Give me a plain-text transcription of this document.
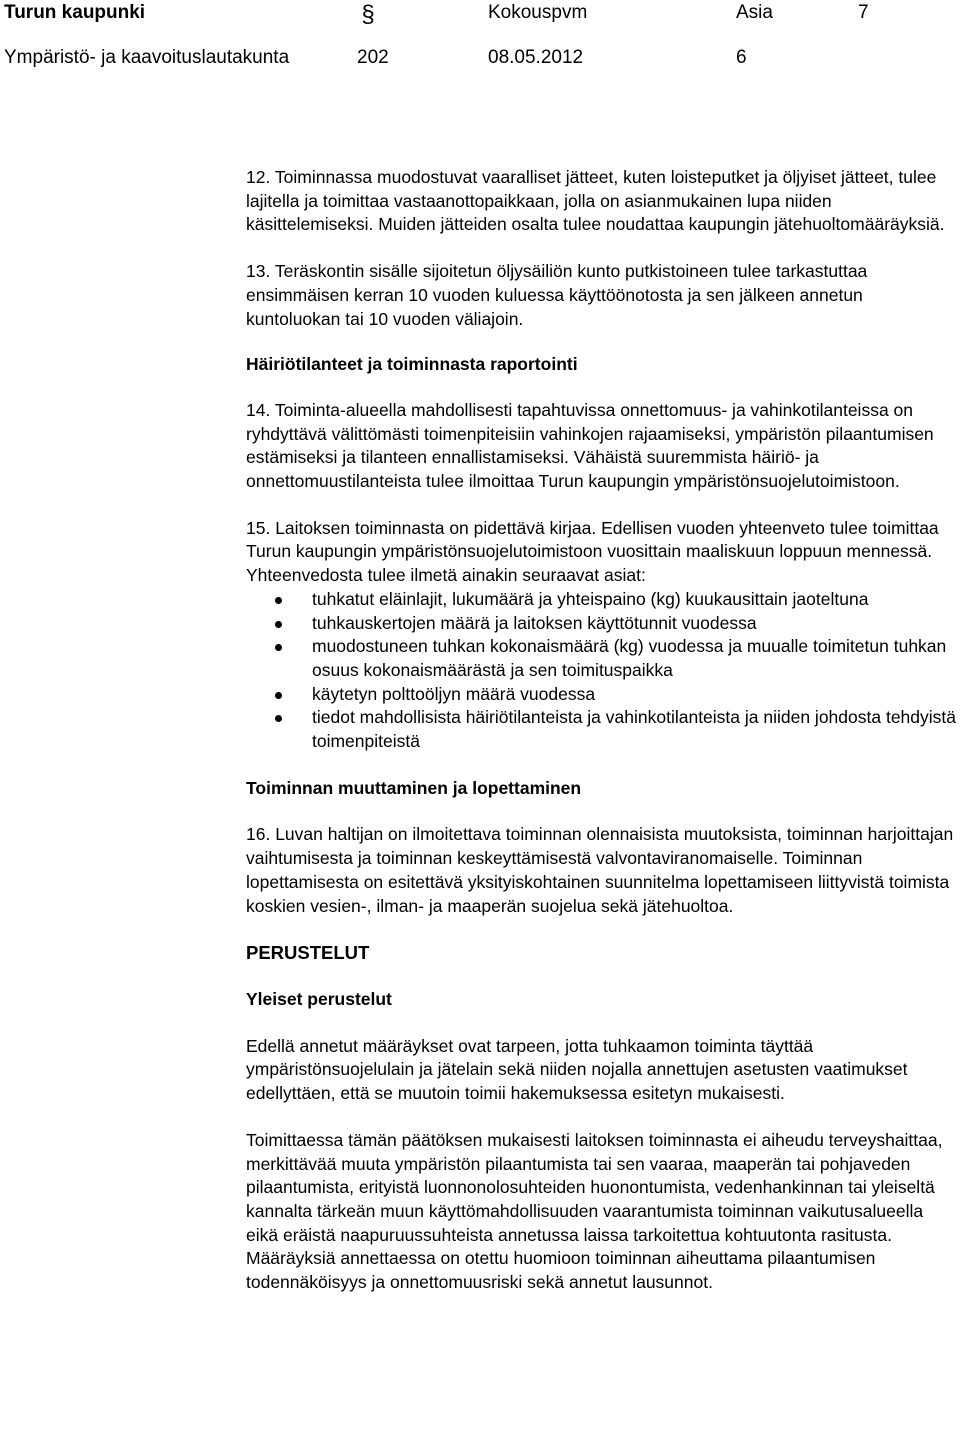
Turun kaupunki	§	Kokouspvm	Asia	7
Ympäristö- ja kaavoituslautakunta	202	08.05.2012	6

12. Toiminnassa muodostuvat vaaralliset jätteet, kuten loisteputket ja öljyiset jätteet, tulee lajitella ja toimittaa vastaanottopaikkaan, jolla on asianmukainen lupa niiden käsittelemiseksi. Muiden jätteiden osalta tulee noudattaa kaupungin jätehuoltomääräyksiä.

13. Teräskontin sisälle sijoitetun öljysäiliön kunto putkistoineen tulee tarkastuttaa ensimmäisen kerran 10 vuoden kuluessa käyttöönotosta ja sen jälkeen annetun kuntoluokan tai 10 vuoden väliajoin.

Häiriötilanteet ja toiminnasta raportointi

14. Toiminta-alueella mahdollisesti tapahtuvissa onnettomuus- ja vahinkotilanteissa on ryhdyttävä välittömästi toimenpiteisiin vahinkojen rajaamiseksi, ympäristön pilaantumisen estämiseksi ja tilanteen ennallistamiseksi. Vähäistä suuremmista häiriö- ja onnettomuustilanteista tulee ilmoittaa Turun kaupungin ympäristönsuojelutoimistoon.

15. Laitoksen toiminnasta on pidettävä kirjaa. Edellisen vuoden yhteenveto tulee toimittaa Turun kaupungin ympäristönsuojelutoimistoon vuosittain maaliskuun loppuun mennessä. Yhteenvedosta tulee ilmetä ainakin seuraavat asiat:

tuhkatut eläinlajit, lukumäärä ja yhteispaino (kg) kuukausittain jaoteltuna
tuhkauskertojen määrä ja laitoksen käyttötunnit vuodessa
muodostuneen tuhkan kokonaismäärä (kg) vuodessa ja muualle toimitetun tuhkan osuus kokonaismäärästä ja sen toimituspaikka
käytetyn polttoöljyn määrä vuodessa
tiedot mahdollisista häiriötilanteista ja vahinkotilanteista ja niiden johdosta tehdyistä toimenpiteistä

Toiminnan muuttaminen ja lopettaminen

16. Luvan haltijan on ilmoitettava toiminnan olennaisista muutoksista, toiminnan harjoittajan vaihtumisesta ja toiminnan keskeyttämisestä valvontaviranomaiselle. Toiminnan lopettamisesta on esitettävä yksityiskohtainen suunnitelma lopettamiseen liittyvistä toimista koskien vesien-, ilman- ja maaperän suojelua sekä jätehuoltoa.

PERUSTELUT

Yleiset perustelut

Edellä annetut määräykset ovat tarpeen, jotta tuhkaamon toiminta täyttää ympäristönsuojelulain ja jätelain sekä niiden nojalla annettujen asetusten vaatimukset edellyttäen, että se muutoin toimii hakemuksessa esitetyn mukaisesti.

Toimittaessa tämän päätöksen mukaisesti laitoksen toiminnasta ei aiheudu terveyshaittaa, merkittävää muuta ympäristön pilaantumista tai sen vaaraa, maaperän tai pohjaveden pilaantumista, erityistä luonnonolosuhteiden huonontumista, vedenhankinnan tai yleiseltä kannalta tärkeän muun käyttömahdollisuuden vaarantumista toiminnan vaikutusalueella eikä eräistä naapuruussuhteista annetussa laissa tarkoitettua kohtuutonta rasitusta. Määräyksiä annettaessa on otettu huomioon toiminnan aiheuttama pilaantumisen todennäköisyys ja onnettomuusriski sekä annetut lausunnot.
